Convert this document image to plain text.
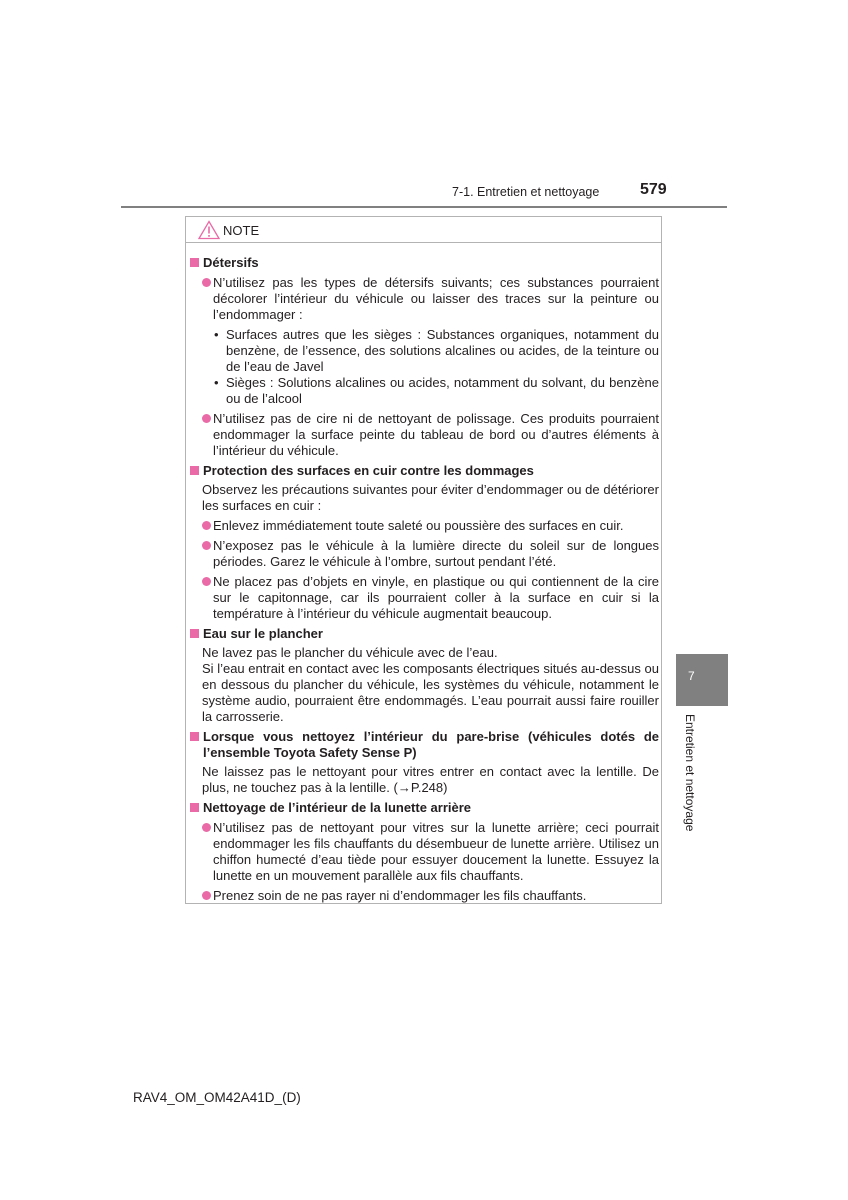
7-1. Entretien et nettoyage	579
7
Entretien et nettoyage
NOTE
Détersifs
N’utilisez pas les types de détersifs suivants; ces substances pourraient décolorer l’intérieur du véhicule ou laisser des traces sur la peinture ou l’endommager :
• Surfaces autres que les sièges : Substances organiques, notamment du benzène, de l’essence, des solutions alcalines ou acides, de la teinture ou de l’eau de Javel
• Sièges : Solutions alcalines ou acides, notamment du solvant, du benzène ou de l’alcool
N’utilisez pas de cire ni de nettoyant de polissage. Ces produits pourraient endommager la surface peinte du tableau de bord ou d’autres éléments à l’intérieur du véhicule.
Protection des surfaces en cuir contre les dommages
Observez les précautions suivantes pour éviter d’endommager ou de détériorer les surfaces en cuir :
Enlevez immédiatement toute saleté ou poussière des surfaces en cuir.
N’exposez pas le véhicule à la lumière directe du soleil sur de longues périodes. Garez le véhicule à l’ombre, surtout pendant l’été.
Ne placez pas d’objets en vinyle, en plastique ou qui contiennent de la cire sur le capitonnage, car ils pourraient coller à la surface en cuir si la température à l’intérieur du véhicule augmentait beaucoup.
Eau sur le plancher
Ne lavez pas le plancher du véhicule avec de l’eau.
Si l’eau entrait en contact avec les composants électriques situés au-dessus ou en dessous du plancher du véhicule, les systèmes du véhicule, notamment le système audio, pourraient être endommagés. L’eau pourrait aussi faire rouiller la carrosserie.
Lorsque vous nettoyez l’intérieur du pare-brise (véhicules dotés de l’ensemble Toyota Safety Sense P)
Ne laissez pas le nettoyant pour vitres entrer en contact avec la lentille. De plus, ne touchez pas à la lentille. (→P.248)
Nettoyage de l’intérieur de la lunette arrière
N’utilisez pas de nettoyant pour vitres sur la lunette arrière; ceci pourrait endommager les fils chauffants du désembueur de lunette arrière. Utilisez un chiffon humecté d’eau tiède pour essuyer doucement la lunette. Essuyez la lunette en un mouvement parallèle aux fils chauffants.
Prenez soin de ne pas rayer ni d’endommager les fils chauffants.
RAV4_OM_OM42A41D_(D)
